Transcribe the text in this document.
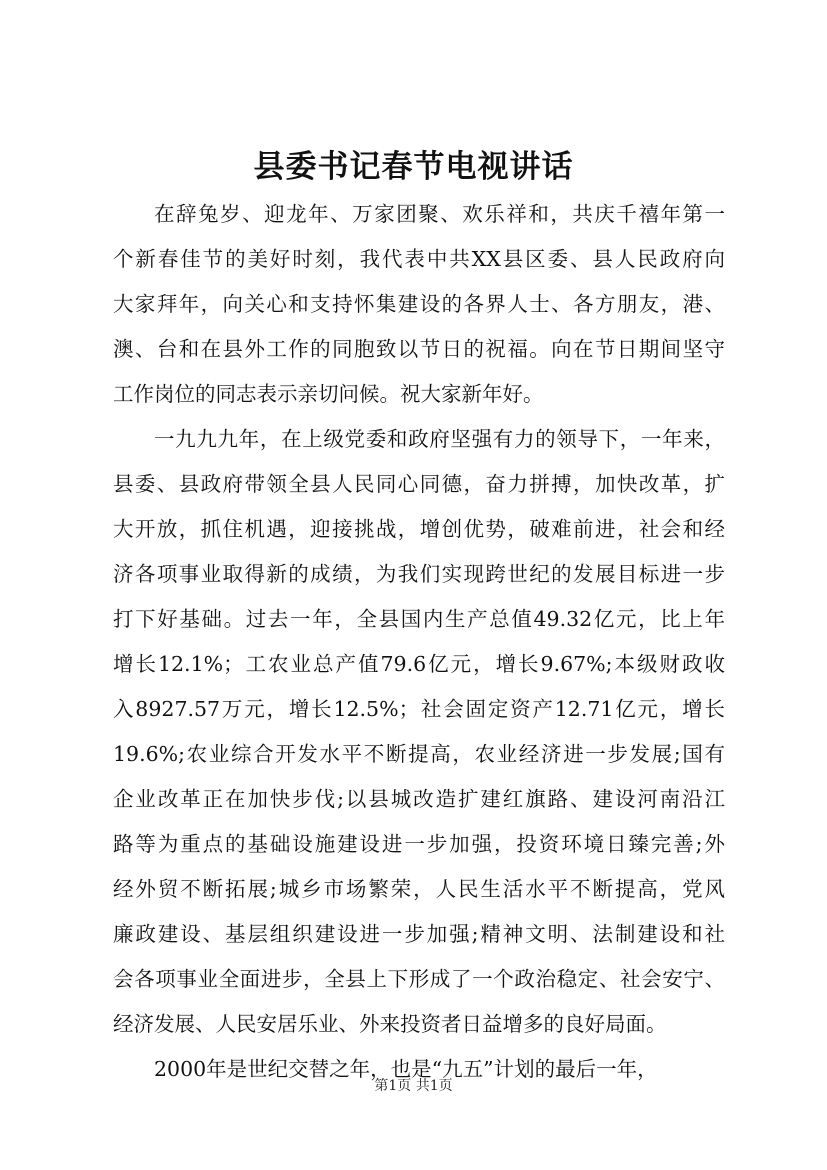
县委书记春节电视讲话
在辞兔岁、迎龙年、万家团聚、欢乐祥和，共庆千禧年第一
个新春佳节的美好时刻，我代表中共XX县区委、县人民政府向
大家拜年，向关心和支持怀集建设的各界人士、各方朋友，港、
澳、台和在县外工作的同胞致以节日的祝福。向在节日期间坚守
工作岗位的同志表示亲切问候。祝大家新年好。
一九九九年，在上级党委和政府坚强有力的领导下，一年来，
县委、县政府带领全县人民同心同德，奋力拼搏，加快改革，扩
大开放，抓住机遇，迎接挑战，增创优势，破难前进，社会和经
济各项事业取得新的成绩，为我们实现跨世纪的发展目标进一步
打下好基础。过去一年，全县国内生产总值49.32亿元，比上年
增长12.1%；工农业总产值79.6亿元，增长9.67%;本级财政收
入8927.57万元，增长12.5%；社会固定资产12.71亿元，增长
19.6%;农业综合开发水平不断提高，农业经济进一步发展;国有
企业改革正在加快步伐;以县城改造扩建红旗路、建设河南沿江
路等为重点的基础设施建设进一步加强，投资环境日臻完善;外
经外贸不断拓展;城乡市场繁荣，人民生活水平不断提高，党风
廉政建设、基层组织建设进一步加强;精神文明、法制建设和社
会各项事业全面进步，全县上下形成了一个政治稳定、社会安宁、
经济发展、人民安居乐业、外来投资者日益增多的良好局面。
2000年是世纪交替之年，也是“九五”计划的最后一年，
第1页 共1页
